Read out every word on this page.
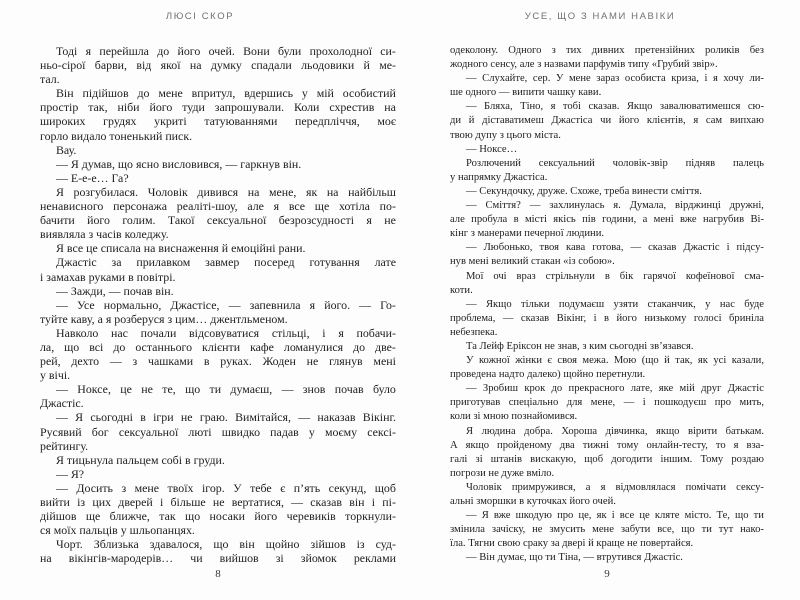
ЛЮСІ СКОР	УСЕ, ЩО З НАМИ НАВІКИ
Тоді я перейшла до його очей. Вони були прохолодної си-
ньо-сірої барви, від якої на думку спадали льодовики й ме-
тал.
Він підійшов до мене впритул, вдершись у мій особистий
простір так, ніби його туди запрошували. Коли схрестив на
широких грудях укриті татуюваннями передпліччя, моє
горло видало тоненький писк.
Вау.
— Я думав, що ясно висловився, — гаркнув він.
— Е-е-е… Га?
Я розгубилася. Чоловік дивився на мене, як на найбільш
ненависного персонажа реаліті-шоу, але я все ще хотіла по-
бачити його голим. Такої сексуальної безрозсудності я не
виявляла з часів коледжу.
Я все це списала на виснаження й емоційні рани.
Джастіс за прилавком завмер посеред готування лате
і замахав руками в повітрі.
— Зажди, — почав він.
— Усе нормально, Джастісе, — запевнила я його. — Го-
туйте каву, а я розберуся з цим… джентльменом.
Навколо нас почали відсовуватися стільці, і я побачи-
ла, що всі до останнього клієнти кафе ломанулися до две-
рей, дехто — з чашками в руках. Жоден не глянув мені
у вічі.
— Ноксе, це не те, що ти думаєш, — знов почав було
Джастіс.
— Я сьогодні в ігри не граю. Вимітайся, — наказав Вікінг.
Русявий бог сексуальної люті швидко падав у моєму сексі-
рейтингу.
Я тицьнула пальцем собі в груди.
— Я?
— Досить з мене твоїх ігор. У тебе є п’ять секунд, щоб
вийти із цих дверей і більше не вертатися, — сказав він і пі-
дійшов ще ближче, так що носаки його черевиків торкнули-
ся моїх пальців у шльопанцях.
Чорт. Зблизька здавалося, що він щойно зійшов із суд-
на вікінгів-мародерів… чи вийшов зі зйомок реклами
одеколону. Одного з тих дивних претензійних роликів без
жодного сенсу, але з назвами парфумів типу «Грубий звір».
— Слухайте, сер. У мене зараз особиста криза, і я хочу ли-
ше одного — випити чашку кави.
— Бляха, Тіно, я тобі сказав. Якщо завалюватимешся сю-
ди й діставатимеш Джастіса чи його клієнтів, я сам випхаю
твою дупу з цього міста.
— Ноксе…
Розлючений сексуальний чоловік-звір підняв палець
у напрямку Джастіса.
— Секундочку, друже. Схоже, треба винести сміття.
— Сміття? — захлинулась я. Думала, вірджинці дружні,
але пробула в місті якісь пів години, а мені вже нагрубив Ві-
кінг з манерами печерної людини.
— Любонько, твоя кава готова, — сказав Джастіс і підсу-
нув мені великий стакан «із собою».
Мої очі враз стрільнули в бік гарячої кофеїнової сма-
коти.
— Якщо тільки подумаєш узяти стаканчик, у нас буде
проблема, — сказав Вікінг, і в його низькому голосі бриніла
небезпека.
Та Лейф Еріксон не знав, з ким сьогодні зв’язався.
У кожної жінки є своя межа. Мою (що й так, як усі казали,
проведена надто далеко) щойно перетнули.
— Зробиш крок до прекрасного лате, яке мій друг Джастіс
приготував спеціально для мене, — і пошкодуєш про мить,
коли зі мною познайомився.
Я людина добра. Хороша дівчинка, якщо вірити батькам.
А якщо пройденому два тижні тому онлайн-тесту, то я вза-
галі зі штанів вискакую, щоб догодити іншим. Тому роздаю
погрози не дуже вміло.
Чоловік примружився, а я відмовлялася помічати сексу-
альні зморшки в куточках його очей.
— Я вже шкодую про це, як і все це кляте місто. Те, що ти
змінила зачіску, не змусить мене забути все, що ти тут нако-
їла. Тягни свою сраку за двері й краще не повертайся.
— Він думає, що ти Тіна, — втрутився Джастіс.
8	9
